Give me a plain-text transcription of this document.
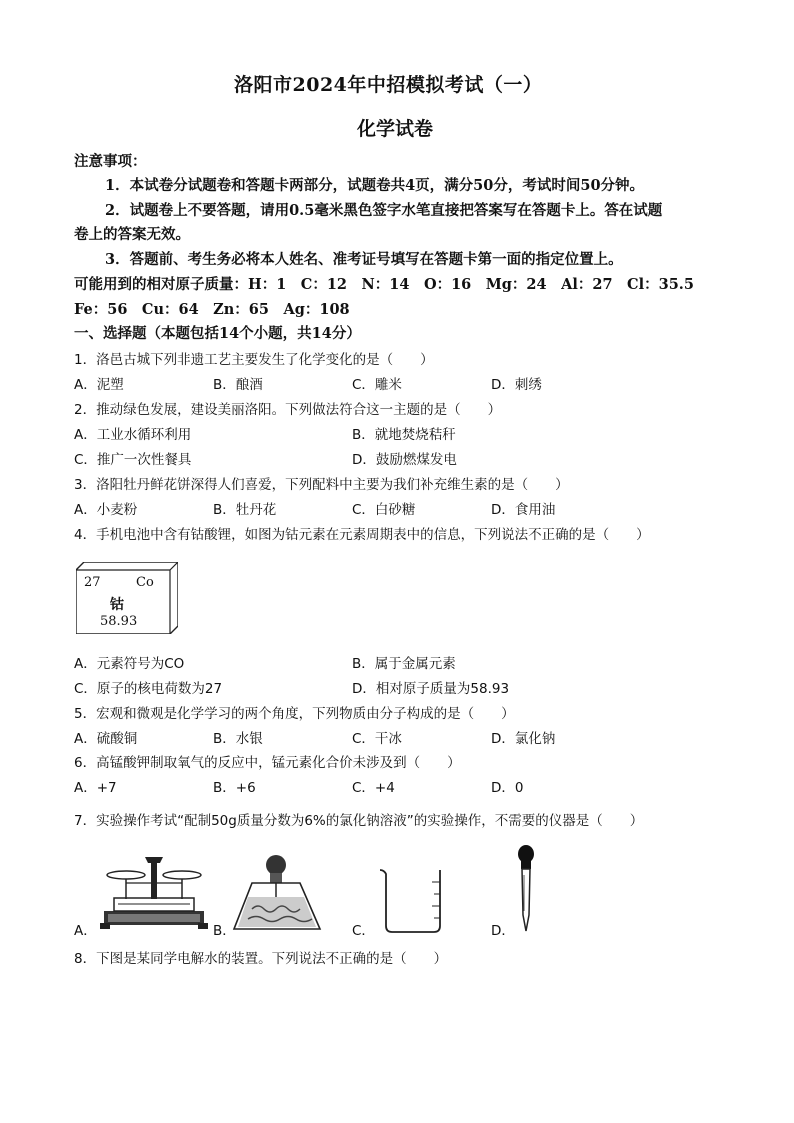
洛阳市2024年中招模拟考试（一）
化学试卷
注意事项：
1．本试卷分试题卷和答题卡两部分，试题卷共4页，满分50分，考试时间50分钟。
2．试题卷上不要答题，请用0.5毫米黑色签字水笔直接把答案写在答题卡上。答在试题
卷上的答案无效。
3．答题前、考生务必将本人姓名、准考证号填写在答题卡第一面的指定位置上。
可能用到的相对原子质量：H：1　C：12　N：14　O：16　Mg：24　Al：27　Cl：35.5
Fe：56　Cu：64　Zn：65　Ag：108
一、选择题（本题包括14个小题，共14分）
1．洛邑古城下列非遗工艺主要发生了化学变化的是（　　）
A．泥塑	B．酿酒	C．雕米	D．刺绣
2．推动绿色发展，建设美丽洛阳。下列做法符合这一主题的是（　　）
A．工业水循环利用	B．就地焚烧秸秆
C．推广一次性餐具	D．鼓励燃煤发电
3．洛阳牡丹鲜花饼深得人们喜爱，下列配料中主要为我们补充维生素的是（　　）
A．小麦粉	B．牡丹花	C．白砂糖	D．食用油
4．手机电池中含有钴酸锂，如图为钴元素在元素周期表中的信息，下列说法不正确的是（　　）
27	Co
钴
58.93
A．元素符号为CO	B．属于金属元素
C．原子的核电荷数为27	D．相对原子质量为58.93
5．宏观和微观是化学学习的两个角度，下列物质由分子构成的是（　　）
A．硫酸铜	B．水银	C．干冰	D．氯化钠
6．高锰酸钾制取氧气的反应中，锰元素化合价未涉及到（　　）
A．+7	B．+6	C．+4	D．0
7．实验操作考试“配制50g质量分数为6%的氯化钠溶液”的实验操作，不需要的仪器是（　　）
A．	B．	C．	D．
8．下图是某同学电解水的装置。下列说法不正确的是（　　）
